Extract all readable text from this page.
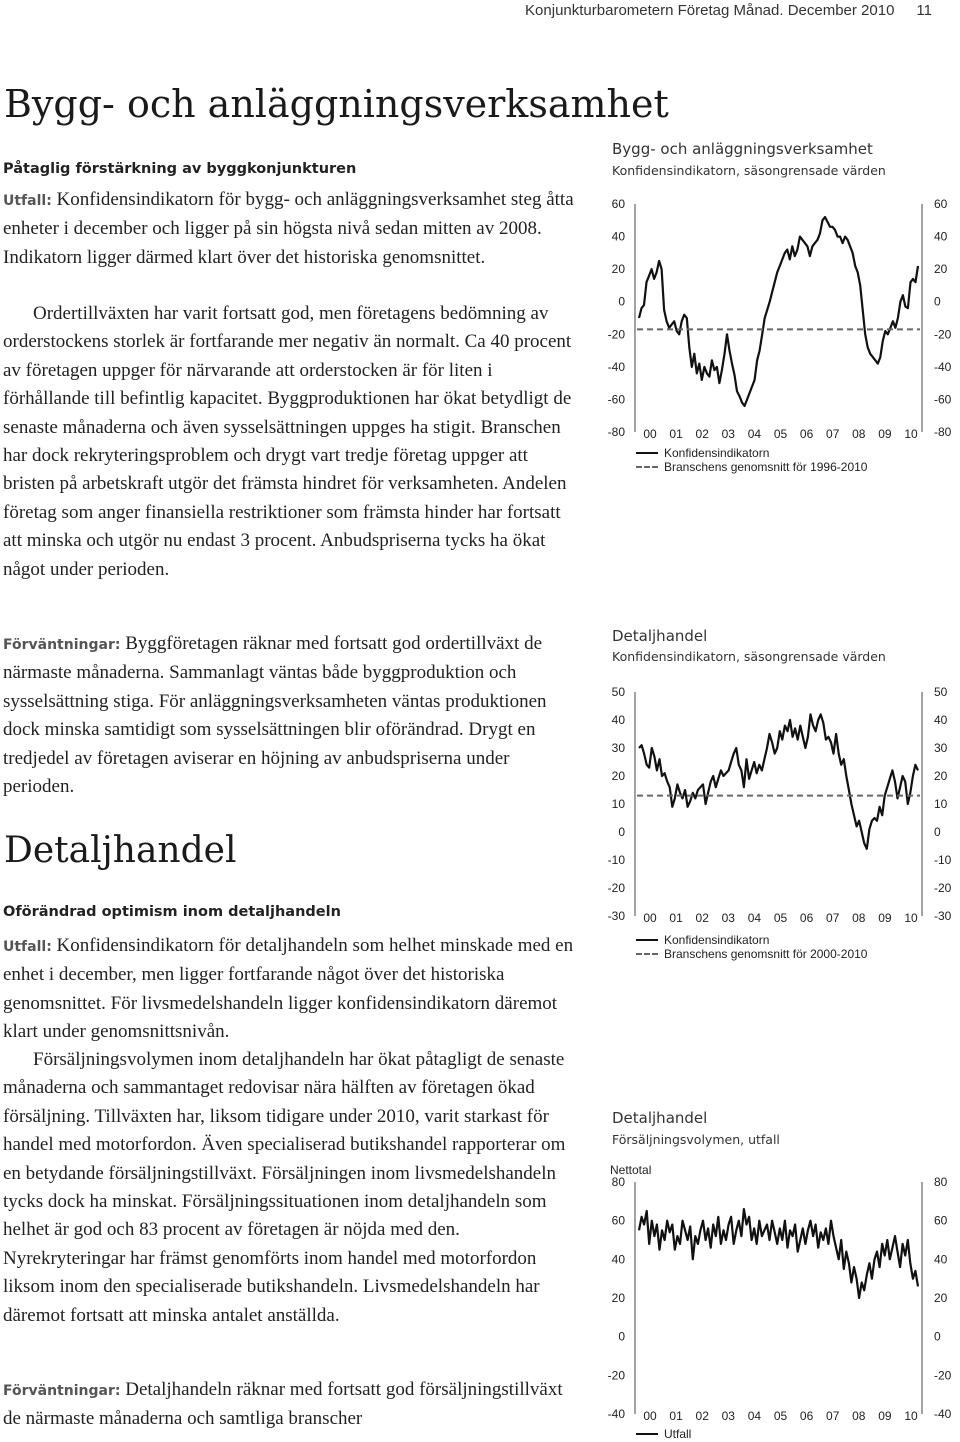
Konjunkturbarometern Företag Månad. December 2010 11
Bygg- och anläggningsverksamhet
Påtaglig förstärkning av byggkonjunkturen

Utfall: Konfidensindikatorn för bygg- och anläggningsverksamhet steg åtta enheter i december och ligger på sin högsta nivå sedan mitten av 2008. Indikatorn ligger därmed klart över det historiska genomsnittet.

Ordertillväxten har varit fortsatt god, men företagens bedömning av orderstockens storlek är fortfarande mer negativ än normalt. Ca 40 procent av företagen uppger för närvarande att orderstocken är för liten i förhållande till befintlig kapacitet. Byggproduktionen har ökat betydligt de senaste månaderna och även sysselsättningen uppges ha stigit. Branschen har dock rekryteringsproblem och drygt vart tredje företag uppger att bristen på arbetskraft utgör det främsta hindret för verksamheten. Andelen företag som anger finansiella restriktioner som främsta hinder har fortsatt att minska och utgör nu endast 3 procent. Anbudspriserna tycks ha ökat något under perioden.

Förväntningar: Byggföretagen räknar med fortsatt god ordertillväxt de närmaste månaderna. Sammanlagt väntas både byggproduktion och sysselsättning stiga. För anläggningsverksamheten väntas produktionen dock minska samtidigt som sysselsättningen blir oförändrad. Drygt en tredjedel av företagen aviserar en höjning av anbudspriserna under perioden.

Detaljhandel
Oförändrad optimism inom detaljhandeln

Utfall: Konfidensindikatorn för detaljhandeln som helhet minskade med en enhet i december, men ligger fortfarande något över det historiska genomsnittet. För livsmedelshandeln ligger konfidensindikatorn däremot klart under genomsnittsnivån.

Försäljningsvolymen inom detaljhandeln har ökat påtagligt de senaste månaderna och sammantaget redovisar nära hälften av företagen ökad försäljning. Tillväxten har, liksom tidigare under 2010, varit starkast för handel med motorfordon. Även specialiserad butikshandel rapporterar om en betydande försäljningstillväxt. Försäljningen inom livsmedelshandeln tycks dock ha minskat. Försäljningssituationen inom detaljhandeln som helhet är god och 83 procent av företagen är nöjda med den. Nyrekryteringar har främst genomförts inom handel med motorfordon liksom inom den specialiserade butikshandeln. Livsmedelshandeln har däremot fortsatt att minska antalet anställda.

Förväntningar: Detaljhandeln räknar med fortsatt god försäljningstillväxt de närmaste månaderna och samtliga branscher

Bygg- och anläggningsverksamhet
Konfidensindikatorn, säsongrensade värden
60	60
40	40
20	20
0	0
-20	-20
-40	-40
-60	-60
-80	-80
00 01 02 03 04 05 06 07 08 09 10
Konfidensindikatorn
Branschens genomsnitt för 1996-2010
Detaljhandel
Konfidensindikatorn, säsongrensade värden
50	50
40	40
30	30
20	20
10	10
0	0
-10	-10
-20	-20
-30	-30
00 01 02 03 04 05 06 07 08 09 10
Konfidensindikatorn
Branschens genomsnitt för 2000-2010
Detaljhandel
Försäljningsvolymen, utfall
80	80
60	60
40	40
20	20
0	0
-20	-20
-40	-40
00 01 02 03 04 05 06 07 08 09 10
Nettotal
Utfall
